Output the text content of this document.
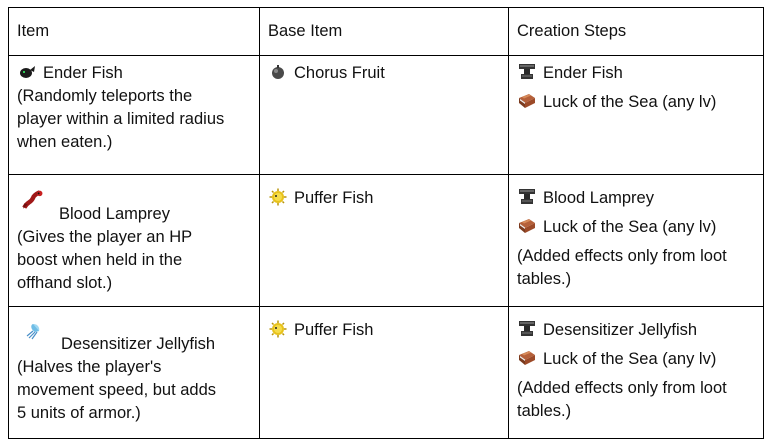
Item	Base Item	Creation Steps

Ender Fish
(Randomly teleports the
player within a limited radius
when eaten.)	Chorus Fruit	Ender Fish
Luck of the Sea (any lv)

Blood Lamprey
(Gives the player an HP
boost when held in the
offhand slot.)	Puffer Fish	Blood Lamprey
Luck of the Sea (any lv)
(Added effects only from loot
tables.)

Desensitizer Jellyfish
(Halves the player's
movement speed, but adds
5 units of armor.)	Puffer Fish	Desensitizer Jellyfish
Luck of the Sea (any lv)
(Added effects only from loot
tables.)
